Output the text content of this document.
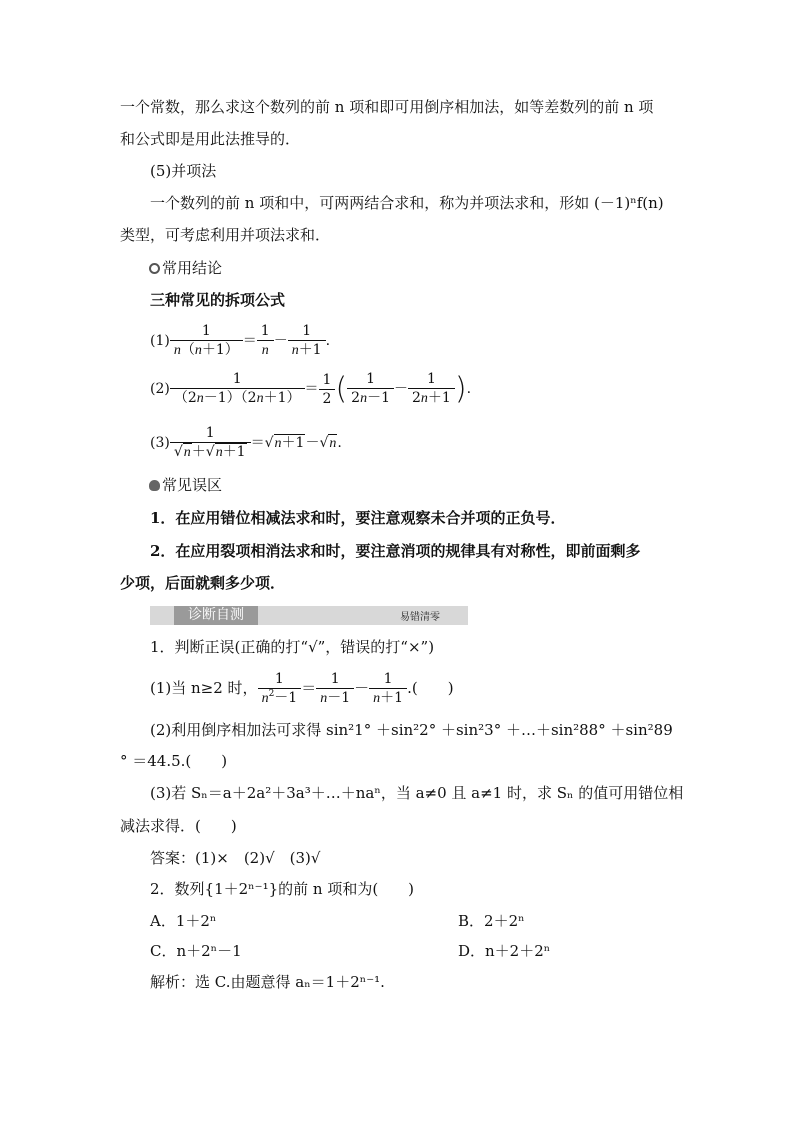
一个常数，那么求这个数列的前 n 项和即可用倒序相加法，如等差数列的前 n 项
和公式即是用此法推导的．
(5)并项法
一个数列的前 n 项和中，可两两结合求和，称为并项法求和，形如 (－1)ⁿf(n)
类型，可考虑利用并项法求和．
常用结论
三种常见的拆项公式
$(1) \frac{1}{n(n+1)} = \frac{1}{n} - \frac{1}{n+1}$ .
$(2) \frac{1}{(2n-1)(2n+1)} = \frac{1}{2}$ ( $\frac{1}{2n-1} - \frac{1}{2n+1}$ ).
$(3) \frac{1}{√n+√n+1} =√n+1-√n$.
常见误区
1．在应用错位相减法求和时，要注意观察未合并项的正负号．
2．在应用裂项相消法求和时，要注意消项的规律具有对称性，即前面剩多
少项，后面就剩多少项．
诊断自测	易错清零
1．判断正误(正确的打“√”，错误的打“×”)
(1)当 n≥2 时， $\frac{1}{n^2-1} = \frac{1}{n-1} - \frac{1}{n+1}$ .(　　)
(2)利用倒序相加法可求得 sin²1° ＋sin²2° ＋sin²3° ＋…＋sin²88° ＋sin²89
° ＝44.5.(　　)
(3)若 Sₙ＝a＋2a²＋3a³＋…＋naⁿ，当 a≠0 且 a≠1 时，求 Sₙ 的值可用错位相
减法求得．(　　)
答案：(1)×　(2)√　(3)√
2．数列{1＋2ⁿ⁻¹}的前 n 项和为(　　)
A．1＋2ⁿ	B．2＋2ⁿ
C．n＋2ⁿ－1	D．n＋2＋2ⁿ
解析：选 C.由题意得 aₙ＝1＋2ⁿ⁻¹.
